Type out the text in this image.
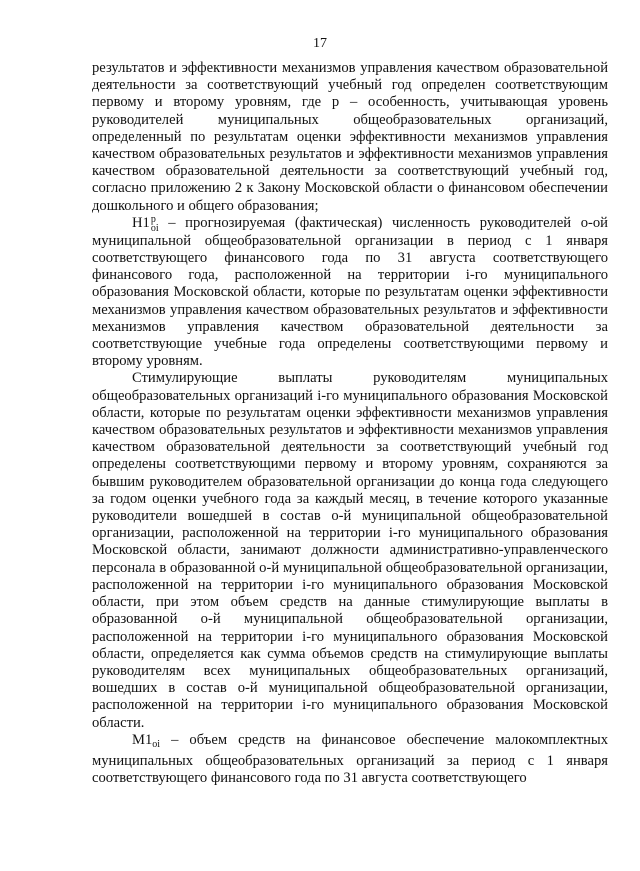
17

результатов и эффективности механизмов управления качеством образовательной деятельности за соответствующий учебный год определен соответствующим первому и второму уровням, где p – особенность, учитывающая уровень руководителей муниципальных общеобразовательных организаций, определенный по результатам оценки эффективности механизмов управления качеством образовательных результатов и эффективности механизмов управления качеством образовательной деятельности за соответствующий учебный год, согласно приложению 2 к Закону Московской области о финансовом обеспечении дошкольного и общего образования;

H1 p
oi – прогнозируемая (фактическая) численность руководителей o-ой муниципальной общеобразовательной организации в период с 1 января соответствующего финансового года по 31 августа соответствующего финансового года, расположенной на территории i-го муниципального образования Московской области, которые по результатам оценки эффективности механизмов управления качеством образовательных результатов и эффективности механизмов управления качеством образовательной деятельности за соответствующие учебные года определены соответствующими первому и второму уровням.

Стимулирующие выплаты руководителям муниципальных общеобразовательных организаций i-го муниципального образования Московской области, которые по результатам оценки эффективности механизмов управления качеством образовательных результатов и эффективности механизмов управления качеством образовательной деятельности за соответствующий учебный год определены соответствующими первому и второму уровням, сохраняются за бывшим руководителем образовательной организации до конца года следующего за годом оценки учебного года за каждый месяц, в течение которого указанные руководители вошедшей в состав o-й муниципальной общеобразовательной организации, расположенной на территории i-го муниципального образования Московской области, занимают должности административно-управленческого персонала в образованной o-й муниципальной общеобразовательной организации, расположенной на территории i-го муниципального образования Московской области, при этом объем средств на данные стимулирующие выплаты в образованной o-й муниципальной общеобразовательной организации, расположенной на территории i-го муниципального образования Московской области, определяется как сумма объемов средств на стимулирующие выплаты руководителям всех муниципальных общеобразовательных организаций, вошедших в состав o-й муниципальной общеобразовательной организации, расположенной на территории i-го муниципального образования Московской области.

$M1_{oi}$ – объем средств на финансовое обеспечение малокомплектных муниципальных общеобразовательных организаций за период с 1 января соответствующего финансового года по 31 августа соответствующего
